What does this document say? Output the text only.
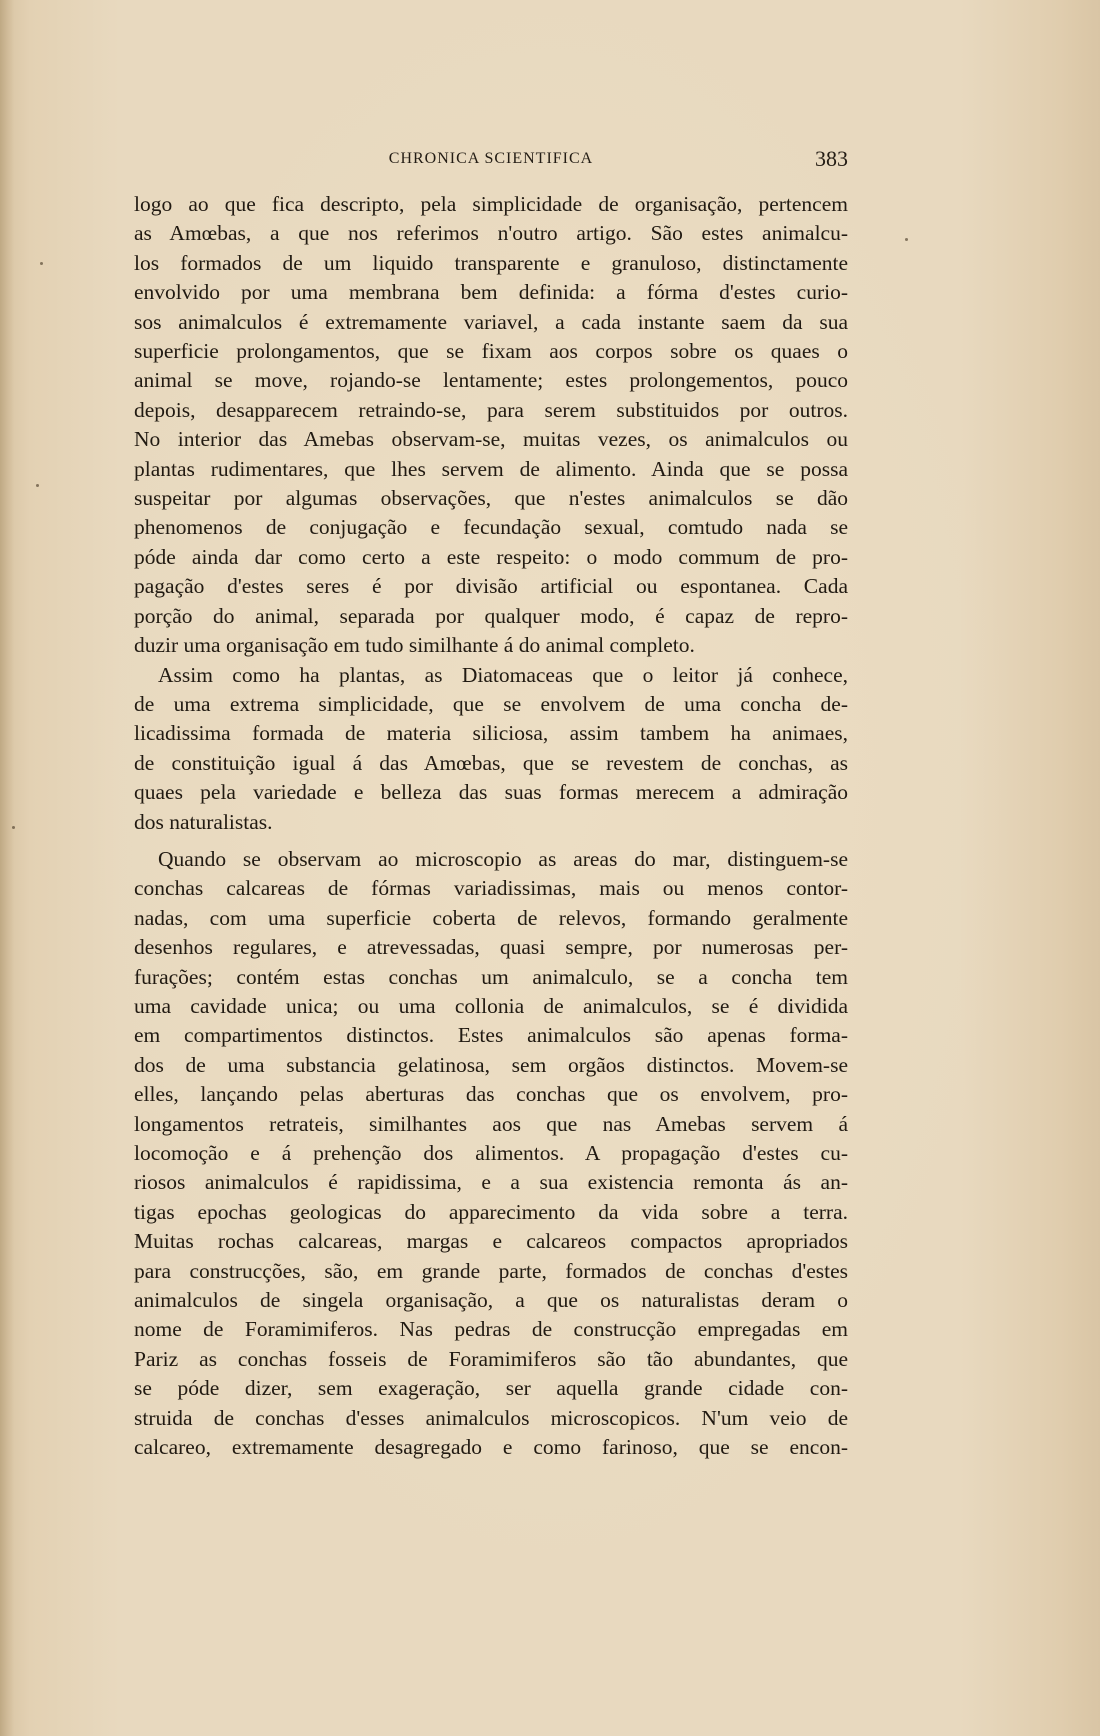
CHRONICA SCIENTIFICA	383
logo ao que fica descripto, pela simplicidade de organisação, pertencem
as Amœbas, a que nos referimos n'outro artigo. São estes animalcu-
los formados de um liquido transparente e granuloso, distinctamente
envolvido por uma membrana bem definida: a fórma d'estes curio-
sos animalculos é extremamente variavel, a cada instante saem da sua
superficie prolongamentos, que se fixam aos corpos sobre os quaes o
animal se move, rojando-se lentamente; estes prolongementos, pouco
depois, desapparecem retraindo-se, para serem substituidos por outros.
No interior das Amebas observam-se, muitas vezes, os animalculos ou
plantas rudimentares, que lhes servem de alimento. Ainda que se possa
suspeitar por algumas observações, que n'estes animalculos se dão
phenomenos de conjugação e fecundação sexual, comtudo nada se
póde ainda dar como certo a este respeito: o modo commum de pro-
pagação d'estes seres é por divisão artificial ou espontanea. Cada
porção do animal, separada por qualquer modo, é capaz de repro-
duzir uma organisação em tudo similhante á do animal completo.
Assim como ha plantas, as Diatomaceas que o leitor já conhece,
de uma extrema simplicidade, que se envolvem de uma concha de-
licadissima formada de materia siliciosa, assim tambem ha animaes,
de constituição igual á das Amœbas, que se revestem de conchas, as
quaes pela variedade e belleza das suas formas merecem a admiração
dos naturalistas.
Quando se observam ao microscopio as areas do mar, distinguem-se
conchas calcareas de fórmas variadissimas, mais ou menos contor-
nadas, com uma superficie coberta de relevos, formando geralmente
desenhos regulares, e atrevessadas, quasi sempre, por numerosas per-
furações; contém estas conchas um animalculo, se a concha tem
uma cavidade unica; ou uma collonia de animalculos, se é dividida
em compartimentos distinctos. Estes animalculos são apenas forma-
dos de uma substancia gelatinosa, sem orgãos distinctos. Movem-se
elles, lançando pelas aberturas das conchas que os envolvem, pro-
longamentos retrateis, similhantes aos que nas Amebas servem á
locomoção e á prehenção dos alimentos. A propagação d'estes cu-
riosos animalculos é rapidissima, e a sua existencia remonta ás an-
tigas epochas geologicas do apparecimento da vida sobre a terra.
Muitas rochas calcareas, margas e calcareos compactos apropriados
para construcções, são, em grande parte, formados de conchas d'estes
animalculos de singela organisação, a que os naturalistas deram o
nome de Foramimiferos. Nas pedras de construcção empregadas em
Pariz as conchas fosseis de Foramimiferos são tão abundantes, que
se póde dizer, sem exageração, ser aquella grande cidade con-
struida de conchas d'esses animalculos microscopicos. N'um veio de
calcareo, extremamente desagregado e como farinoso, que se encon-
